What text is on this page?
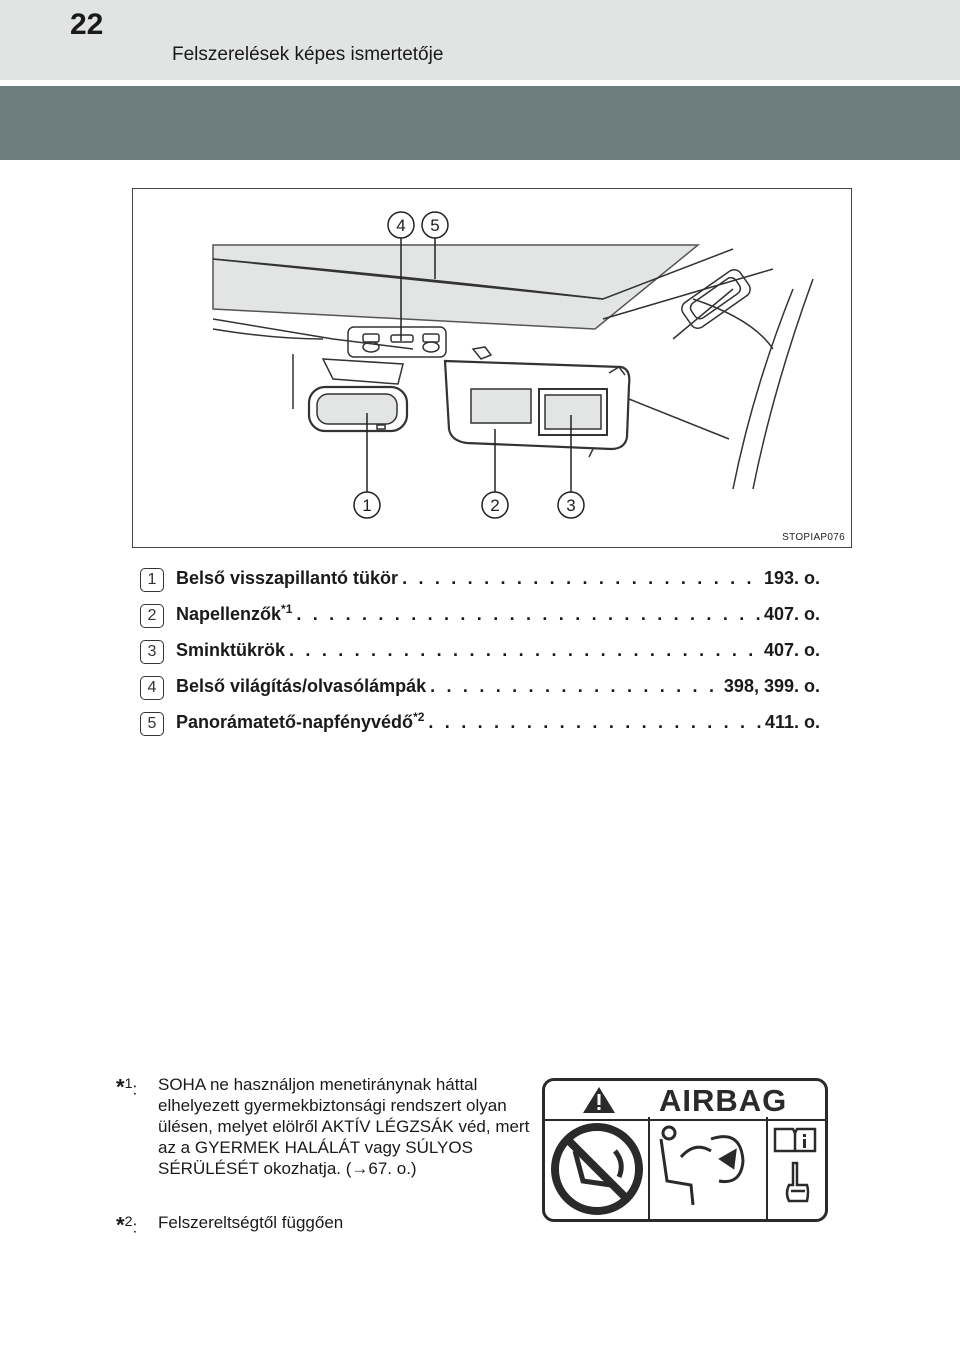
22
Felszerelések képes ismertetője
4 5
1	2	3
STOPIAP076
1	Belső visszapillantó tükör . . .	193. o.
2	Napellenzők$^{*1}$ . . .	407. o.
3	Sminktükrök . . .	407. o.
4	Belső világítás/olvasólámpák . . .	398, 399. o.
5	Panorámatető-napfényvédő$^{*2}$ . . .	411. o.
*$^1$: SOHA ne használjon menetiránynak háttal elhelyezett gyermekbiztonsági rendszert olyan ülésen, melyet elölről AKTÍV LÉGZSÁK véd, mert az a GYERMEK HALÁLÁT vagy SÚLYOS SÉRÜLÉSÉT okozhatja. (→67. o.)
*$^2$: Felszereltségtől függően
AIRBAG
